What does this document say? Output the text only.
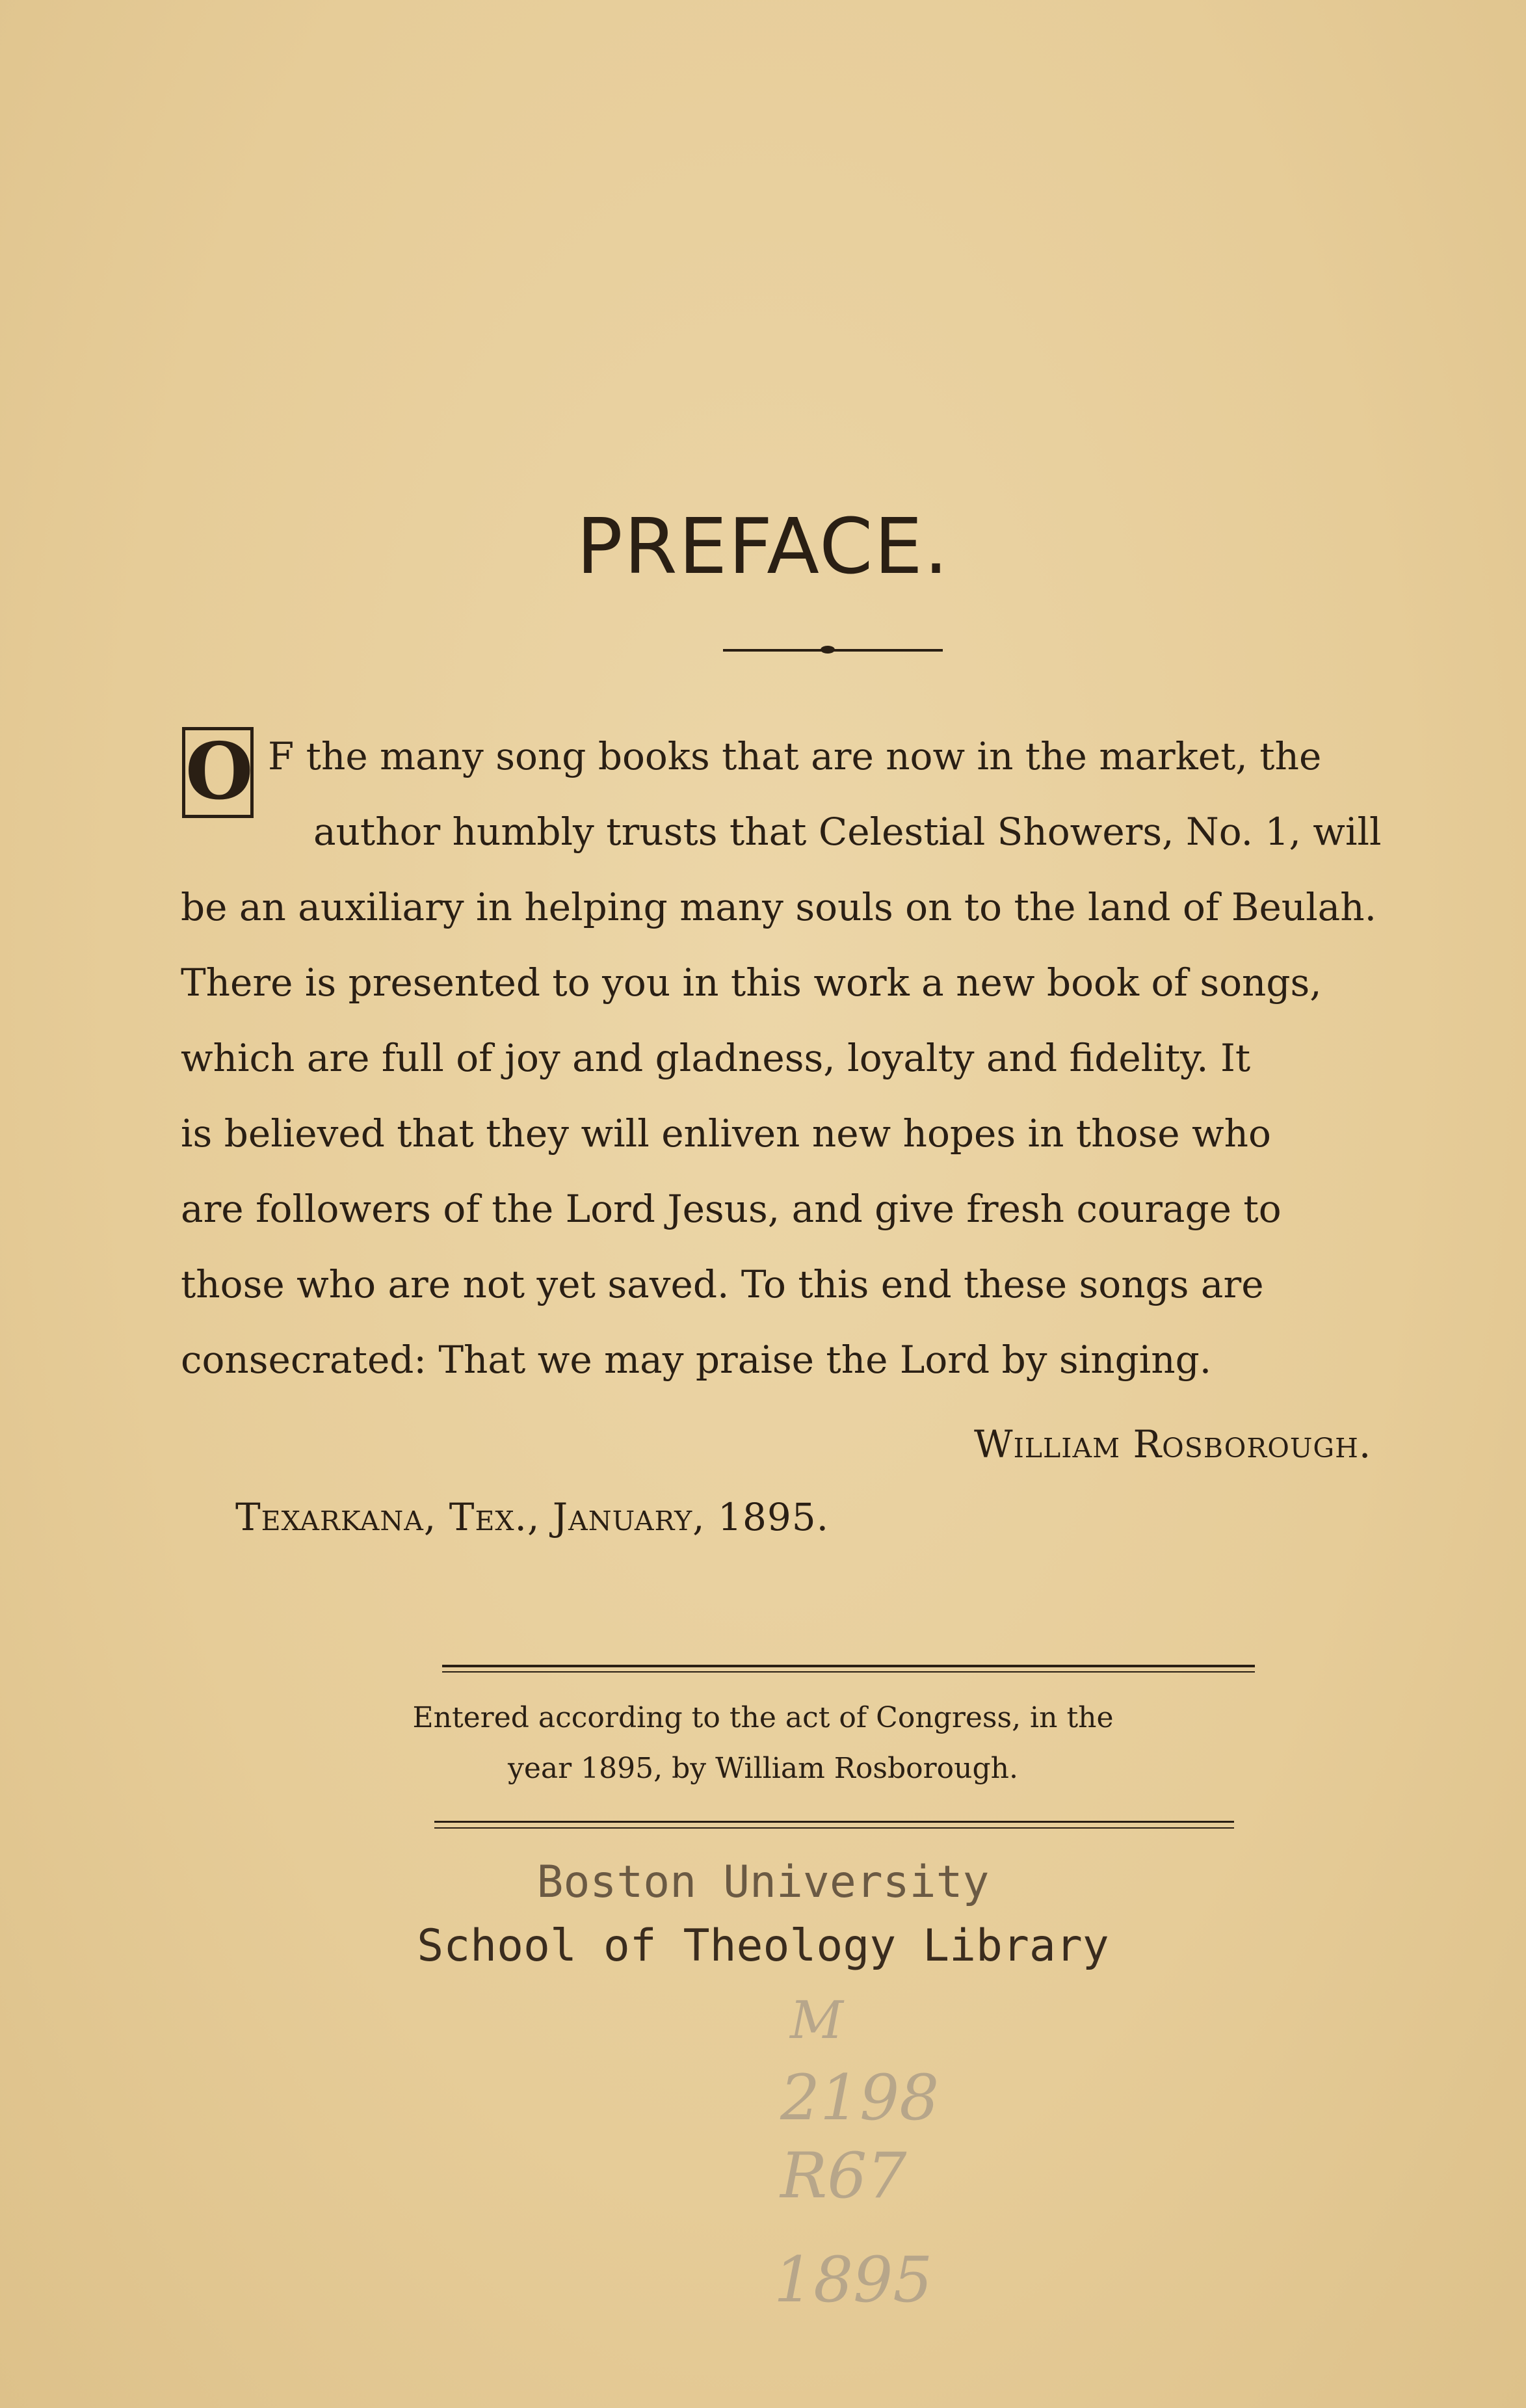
PREFACE.
O F the many song books that are now in the market, the
author humbly trusts that Celestial Showers, No. 1, will
be an auxiliary in helping many souls on to the land of Beulah.
There is presented to you in this work a new book of songs,
which are full of joy and gladness, loyalty and fidelity. It
is believed that they will enliven new hopes in those who
are followers of the Lord Jesus, and give fresh courage to
those who are not yet saved. To this end these songs are
consecrated: That we may praise the Lord by singing.
William Rosborough.
Texarkana, Tex., January, 1895.
Entered according to the act of Congress, in the
year 1895, by William Rosborough.
Boston University
School of Theology Library
M
2198
R67
1895
